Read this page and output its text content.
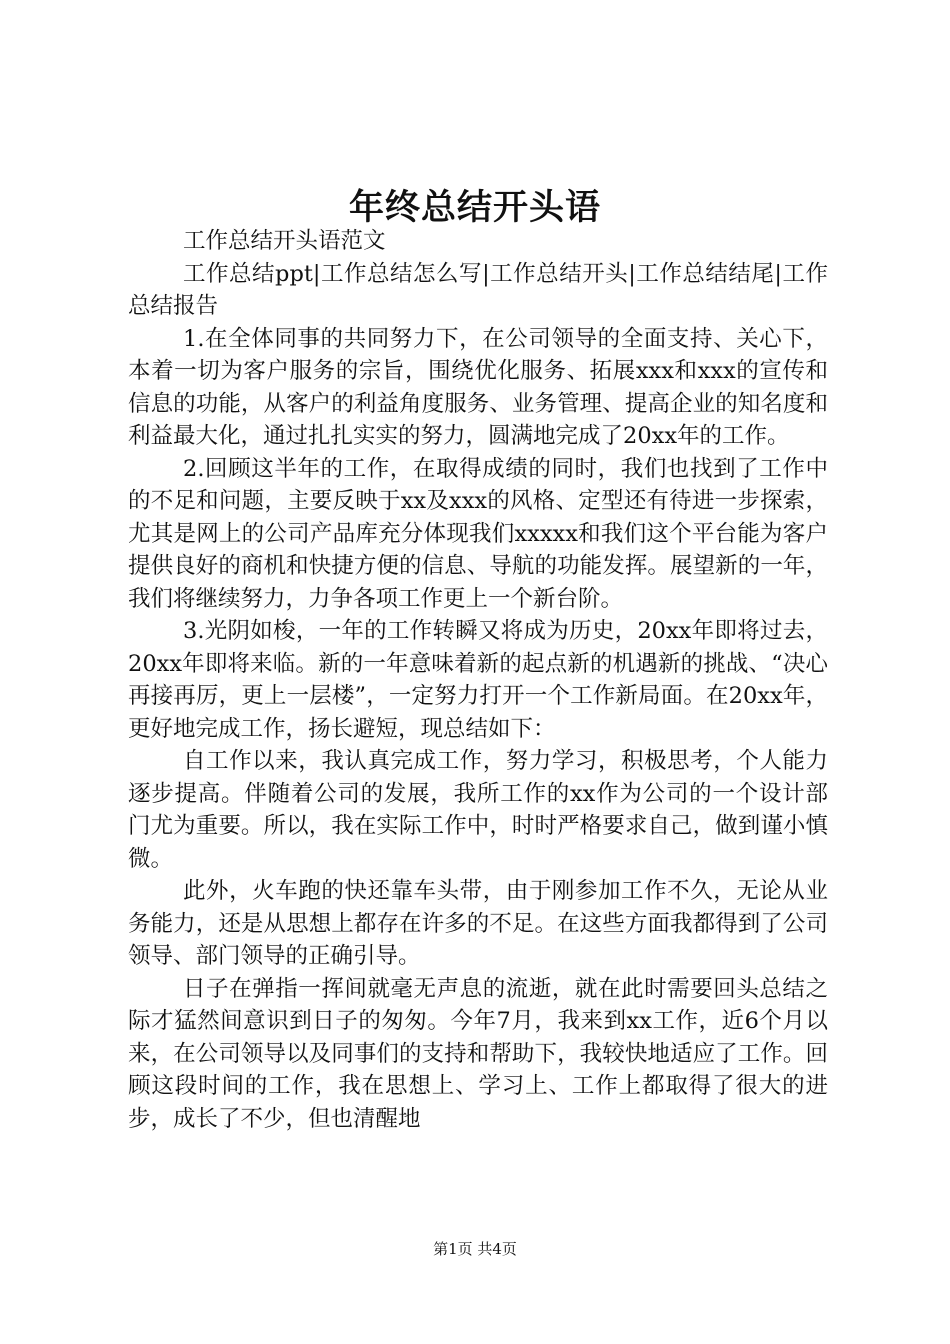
年终总结开头语

工作总结开头语范文

工作总结ppt|工作总结怎么写|工作总结开头|工作总结结尾|工作总结报告

1.在全体同事的共同努力下，在公司领导的全面支持、关心下，本着一切为客户服务的宗旨，围绕优化服务、拓展xxx和xxx的宣传和信息的功能，从客户的利益角度服务、业务管理、提高企业的知名度和利益最大化，通过扎扎实实的努力，圆满地完成了20xx年的工作。

2.回顾这半年的工作，在取得成绩的同时，我们也找到了工作中的不足和问题，主要反映于xx及xxx的风格、定型还有待进一步探索，尤其是网上的公司产品库充分体现我们xxxxx和我们这个平台能为客户提供良好的商机和快捷方便的信息、导航的功能发挥。展望新的一年，我们将继续努力，力争各项工作更上一个新台阶。

3.光阴如梭，一年的工作转瞬又将成为历史，20xx年即将过去，20xx年即将来临。新的一年意味着新的起点新的机遇新的挑战、“决心再接再厉，更上一层楼”，一定努力打开一个工作新局面。在20xx年，更好地完成工作，扬长避短，现总结如下：

自工作以来，我认真完成工作，努力学习，积极思考，个人能力逐步提高。伴随着公司的发展，我所工作的xx作为公司的一个设计部门尤为重要。所以，我在实际工作中，时时严格要求自己，做到谨小慎微。

此外，火车跑的快还靠车头带，由于刚参加工作不久，无论从业务能力，还是从思想上都存在许多的不足。在这些方面我都得到了公司领导、部门领导的正确引导。

日子在弹指一挥间就毫无声息的流逝，就在此时需要回头总结之际才猛然间意识到日子的匆匆。今年7月，我来到xx工作，近6个月以来，在公司领导以及同事们的支持和帮助下，我较快地适应了工作。回顾这段时间的工作，我在思想上、学习上、工作上都取得了很大的进步，成长了不少，但也清醒地

第1页 共4页
